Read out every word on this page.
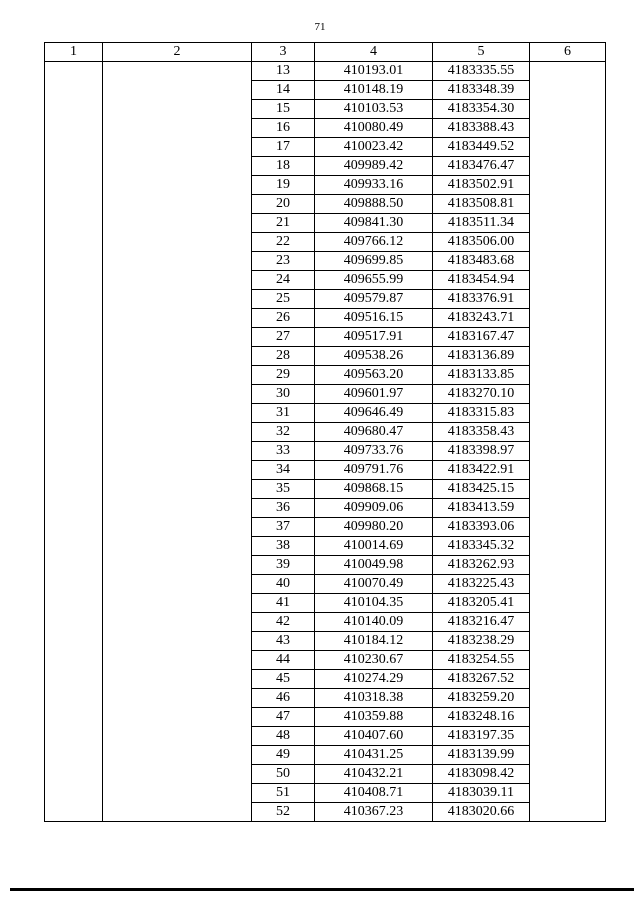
71
1	2	3	4	5	6
		13	410193.01	4183335.55	
		14	410148.19	4183348.39	
		15	410103.53	4183354.30	
		16	410080.49	4183388.43	
		17	410023.42	4183449.52	
		18	409989.42	4183476.47	
		19	409933.16	4183502.91	
		20	409888.50	4183508.81	
		21	409841.30	4183511.34	
		22	409766.12	4183506.00	
		23	409699.85	4183483.68	
		24	409655.99	4183454.94	
		25	409579.87	4183376.91	
		26	409516.15	4183243.71	
		27	409517.91	4183167.47	
		28	409538.26	4183136.89	
		29	409563.20	4183133.85	
		30	409601.97	4183270.10	
		31	409646.49	4183315.83	
		32	409680.47	4183358.43	
		33	409733.76	4183398.97	
		34	409791.76	4183422.91	
		35	409868.15	4183425.15	
		36	409909.06	4183413.59	
		37	409980.20	4183393.06	
		38	410014.69	4183345.32	
		39	410049.98	4183262.93	
		40	410070.49	4183225.43	
		41	410104.35	4183205.41	
		42	410140.09	4183216.47	
		43	410184.12	4183238.29	
		44	410230.67	4183254.55	
		45	410274.29	4183267.52	
		46	410318.38	4183259.20	
		47	410359.88	4183248.16	
		48	410407.60	4183197.35	
		49	410431.25	4183139.99	
		50	410432.21	4183098.42	
		51	410408.71	4183039.11	
		52	410367.23	4183020.66	
